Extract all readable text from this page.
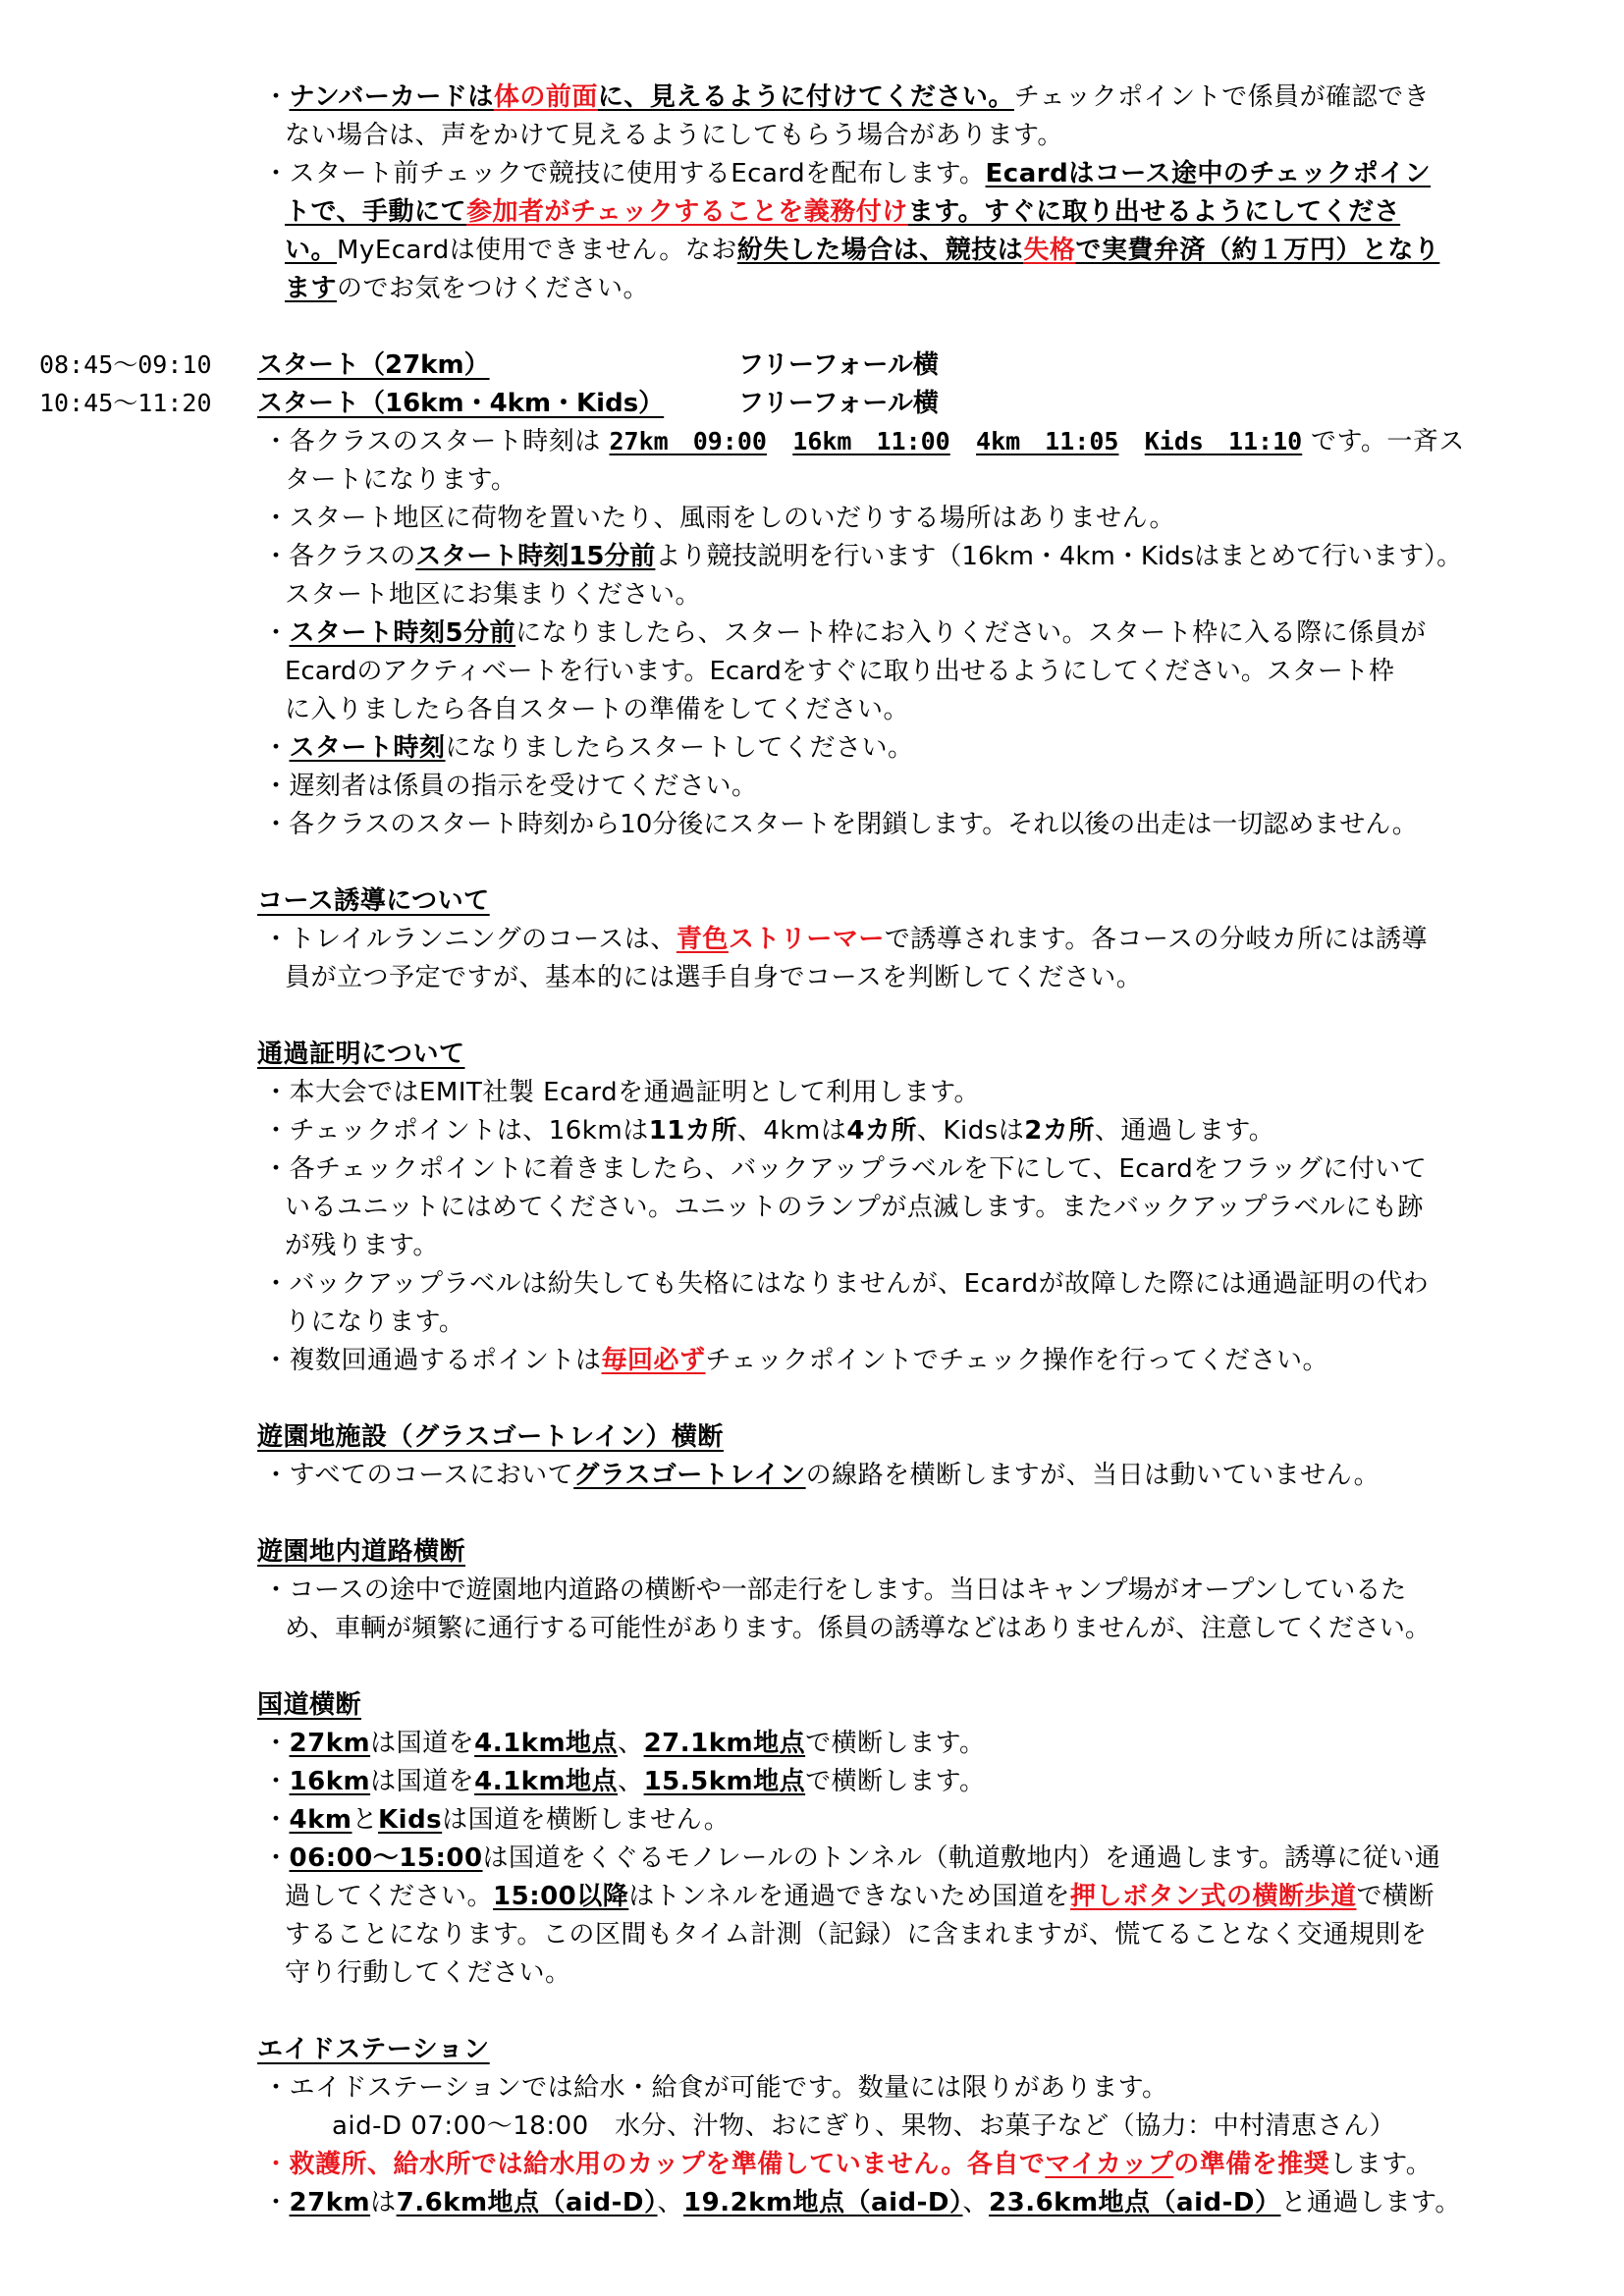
・ナンバーカードは体の前面に、見えるように付けてください。チェックポイントで係員が確認でき
ない場合は、声をかけて見えるようにしてもらう場合があります。
・スタート前チェックで競技に使用するEcardを配布します。Ecardはコース途中のチェックポイン
トで、手動にて参加者がチェックすることを義務付けます。すぐに取り出せるようにしてくださ
い。MyEcardは使用できません。なお紛失した場合は、競技は失格で実費弁済（約１万円）となり
ますのでお気をつけください。
08:45〜09:10 スタート（27km）	フリーフォール横
10:45〜11:20 スタート（16km・4km・Kids）	フリーフォール横
・各クラスのスタート時刻は 27km　09:00 16km　11:00 4km　11:05 Kids　11:10 です。一斉ス
タートになります。
・スタート地区に荷物を置いたり、風雨をしのいだりする場所はありません。
・各クラスのスタート時刻15分前より競技説明を行います（16km・4km・Kidsはまとめて行います）。
スタート地区にお集まりください。
・スタート時刻5分前になりましたら、スタート枠にお入りください。スタート枠に入る際に係員が
Ecardのアクティベートを行います。Ecardをすぐに取り出せるようにしてください。スタート枠
に入りましたら各自スタートの準備をしてください。
・スタート時刻になりましたらスタートしてください。
・遅刻者は係員の指示を受けてください。
・各クラスのスタート時刻から10分後にスタートを閉鎖します。それ以後の出走は一切認めません。
コース誘導について
・トレイルランニングのコースは、青色ストリーマーで誘導されます。各コースの分岐カ所には誘導
員が立つ予定ですが、基本的には選手自身でコースを判断してください。
通過証明について
・本大会ではEMIT社製 Ecardを通過証明として利用します。
・チェックポイントは、16kmは11カ所、4kmは4カ所、Kidsは2カ所、通過します。
・各チェックポイントに着きましたら、バックアップラベルを下にして、Ecardをフラッグに付いて
いるユニットにはめてください。ユニットのランプが点滅します。またバックアップラベルにも跡
が残ります。
・バックアップラベルは紛失しても失格にはなりませんが、Ecardが故障した際には通過証明の代わ
りになります。
・複数回通過するポイントは毎回必ずチェックポイントでチェック操作を行ってください。
遊園地施設（グラスゴートレイン）横断
・すべてのコースにおいてグラスゴートレインの線路を横断しますが、当日は動いていません。
遊園地内道路横断
・コースの途中で遊園地内道路の横断や一部走行をします。当日はキャンプ場がオープンしているた
め、車輌が頻繁に通行する可能性があります。係員の誘導などはありませんが、注意してください。
国道横断
・27kmは国道を4.1km地点、27.1km地点で横断します。
・16kmは国道を4.1km地点、15.5km地点で横断します。
・4kmとKidsは国道を横断しません。
・06:00〜15:00は国道をくぐるモノレールのトンネル（軌道敷地内）を通過します。誘導に従い通
過してください。15:00以降はトンネルを通過できないため国道を押しボタン式の横断歩道で横断
することになります。この区間もタイム計測（記録）に含まれますが、慌てることなく交通規則を
守り行動してください。
エイドステーション
・エイドステーションでは給水・給食が可能です。数量には限りがあります。
aid-D 07:00〜18:00　水分、汁物、おにぎり、果物、お菓子など（協力：中村清恵さん）
・救護所、給水所では給水用のカップを準備していません。各自でマイカップの準備を推奨します。
・27kmは7.6km地点（aid-D）、19.2km地点（aid-D）、23.6km地点（aid-D）と通過します。
